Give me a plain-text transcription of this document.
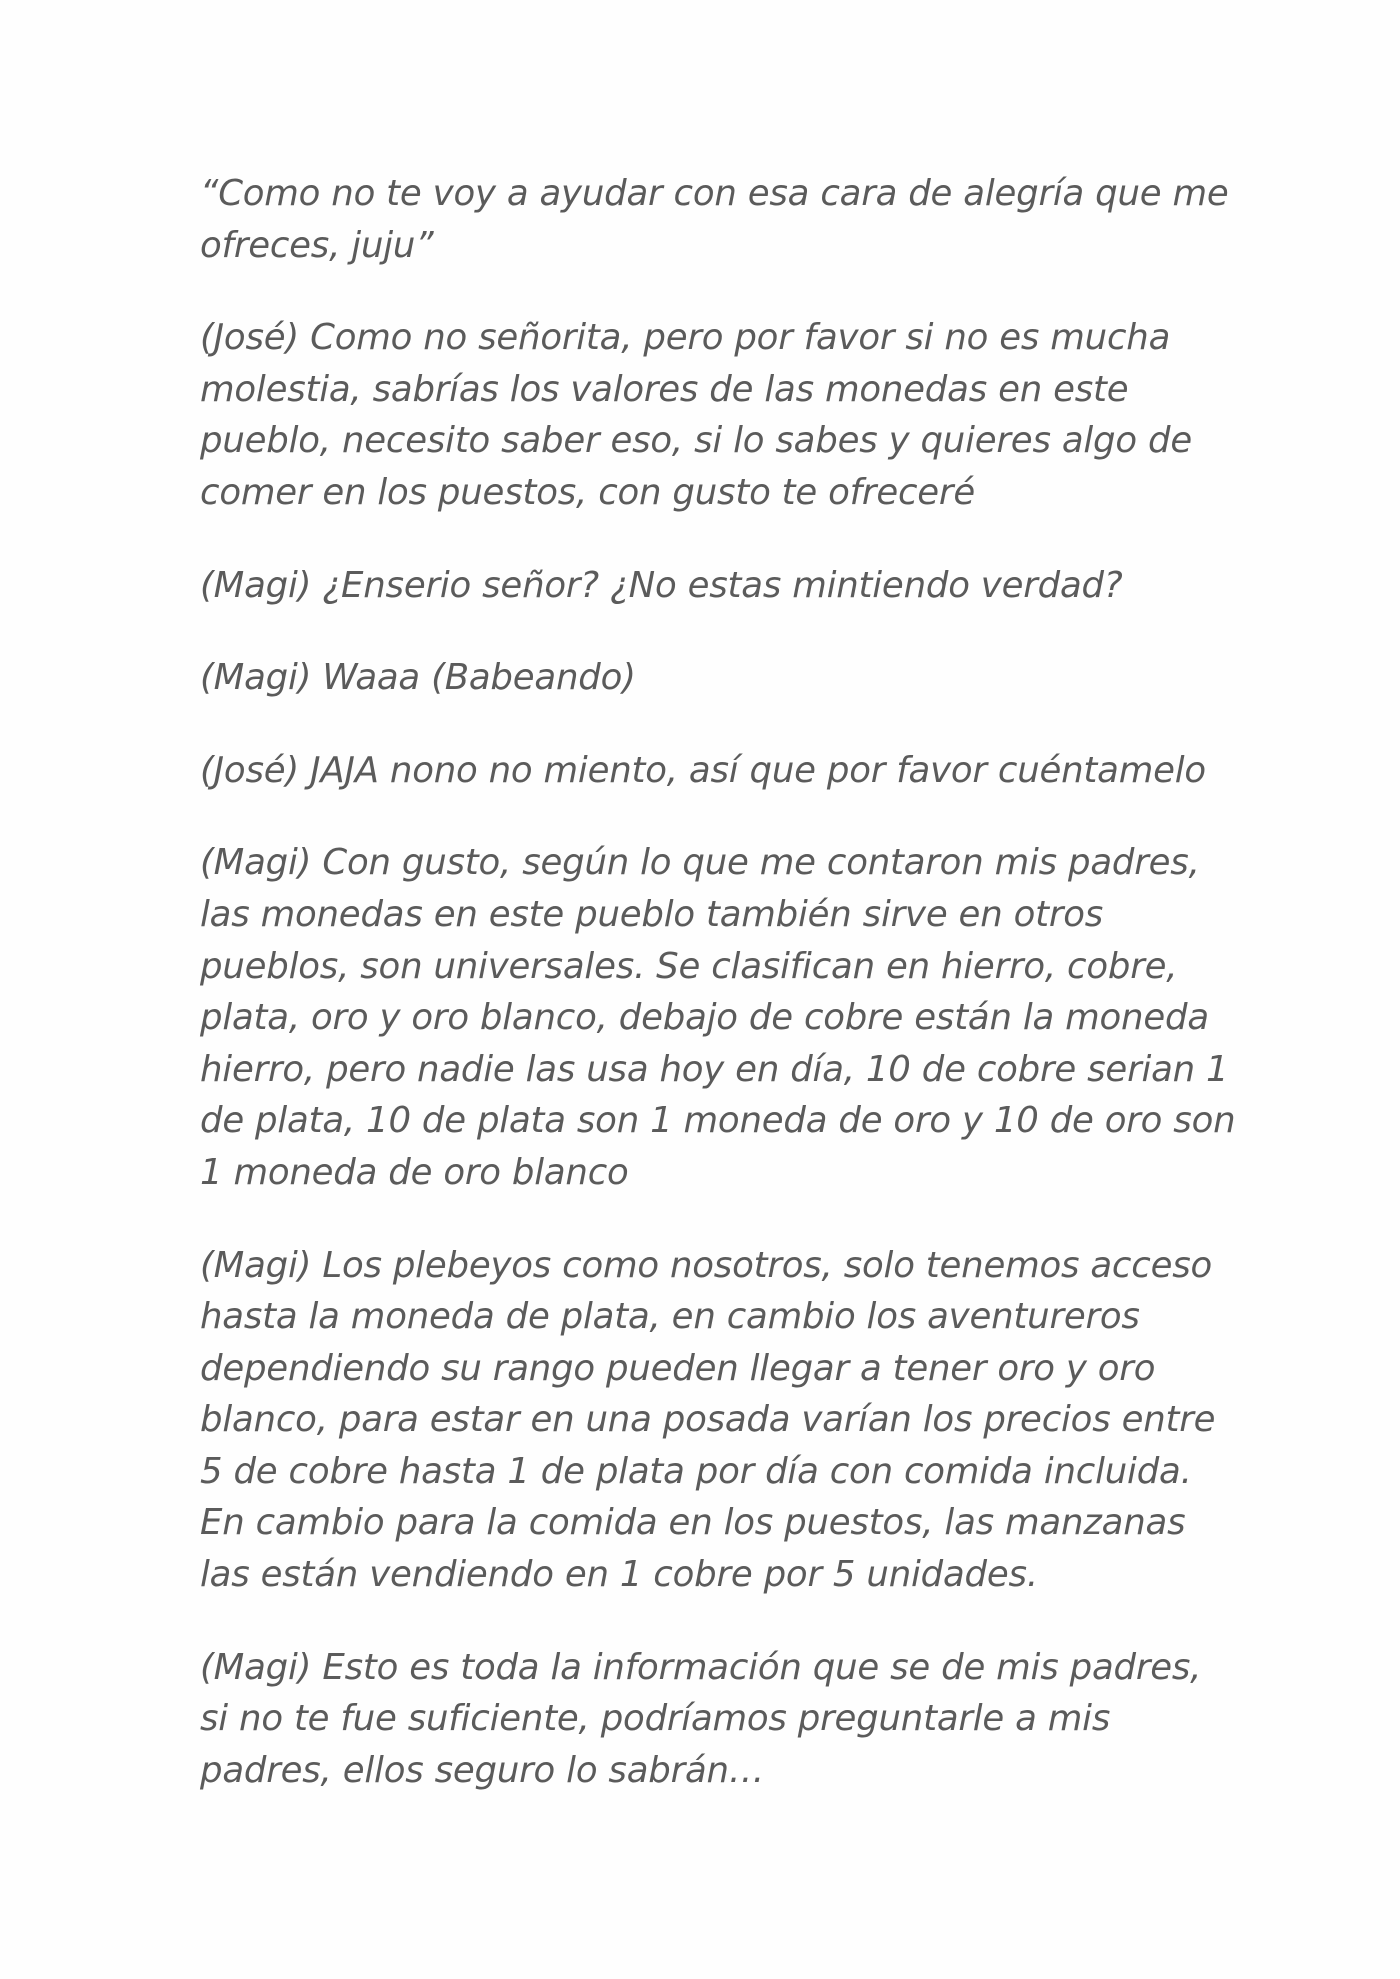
“Como no te voy a ayudar con esa cara de alegría que me
ofreces, juju”

(José) Como no señorita, pero por favor si no es mucha
molestia, sabrías los valores de las monedas en este
pueblo, necesito saber eso, si lo sabes y quieres algo de
comer en los puestos, con gusto te ofreceré

(Magi) ¿Enserio señor? ¿No estas mintiendo verdad?

(Magi) Waaa (Babeando)

(José) JAJA nono no miento, así que por favor cuéntamelo

(Magi) Con gusto, según lo que me contaron mis padres,
las monedas en este pueblo también sirve en otros
pueblos, son universales. Se clasifican en hierro, cobre,
plata, oro y oro blanco, debajo de cobre están la moneda
hierro, pero nadie las usa hoy en día, 10 de cobre serian 1
de plata, 10 de plata son 1 moneda de oro y 10 de oro son
1 moneda de oro blanco

(Magi) Los plebeyos como nosotros, solo tenemos acceso
hasta la moneda de plata, en cambio los aventureros
dependiendo su rango pueden llegar a tener oro y oro
blanco, para estar en una posada varían los precios entre
5 de cobre hasta 1 de plata por día con comida incluida.
En cambio para la comida en los puestos, las manzanas
las están vendiendo en 1 cobre por 5 unidades.

(Magi) Esto es toda la información que se de mis padres,
si no te fue suficiente, podríamos preguntarle a mis
padres, ellos seguro lo sabrán…
